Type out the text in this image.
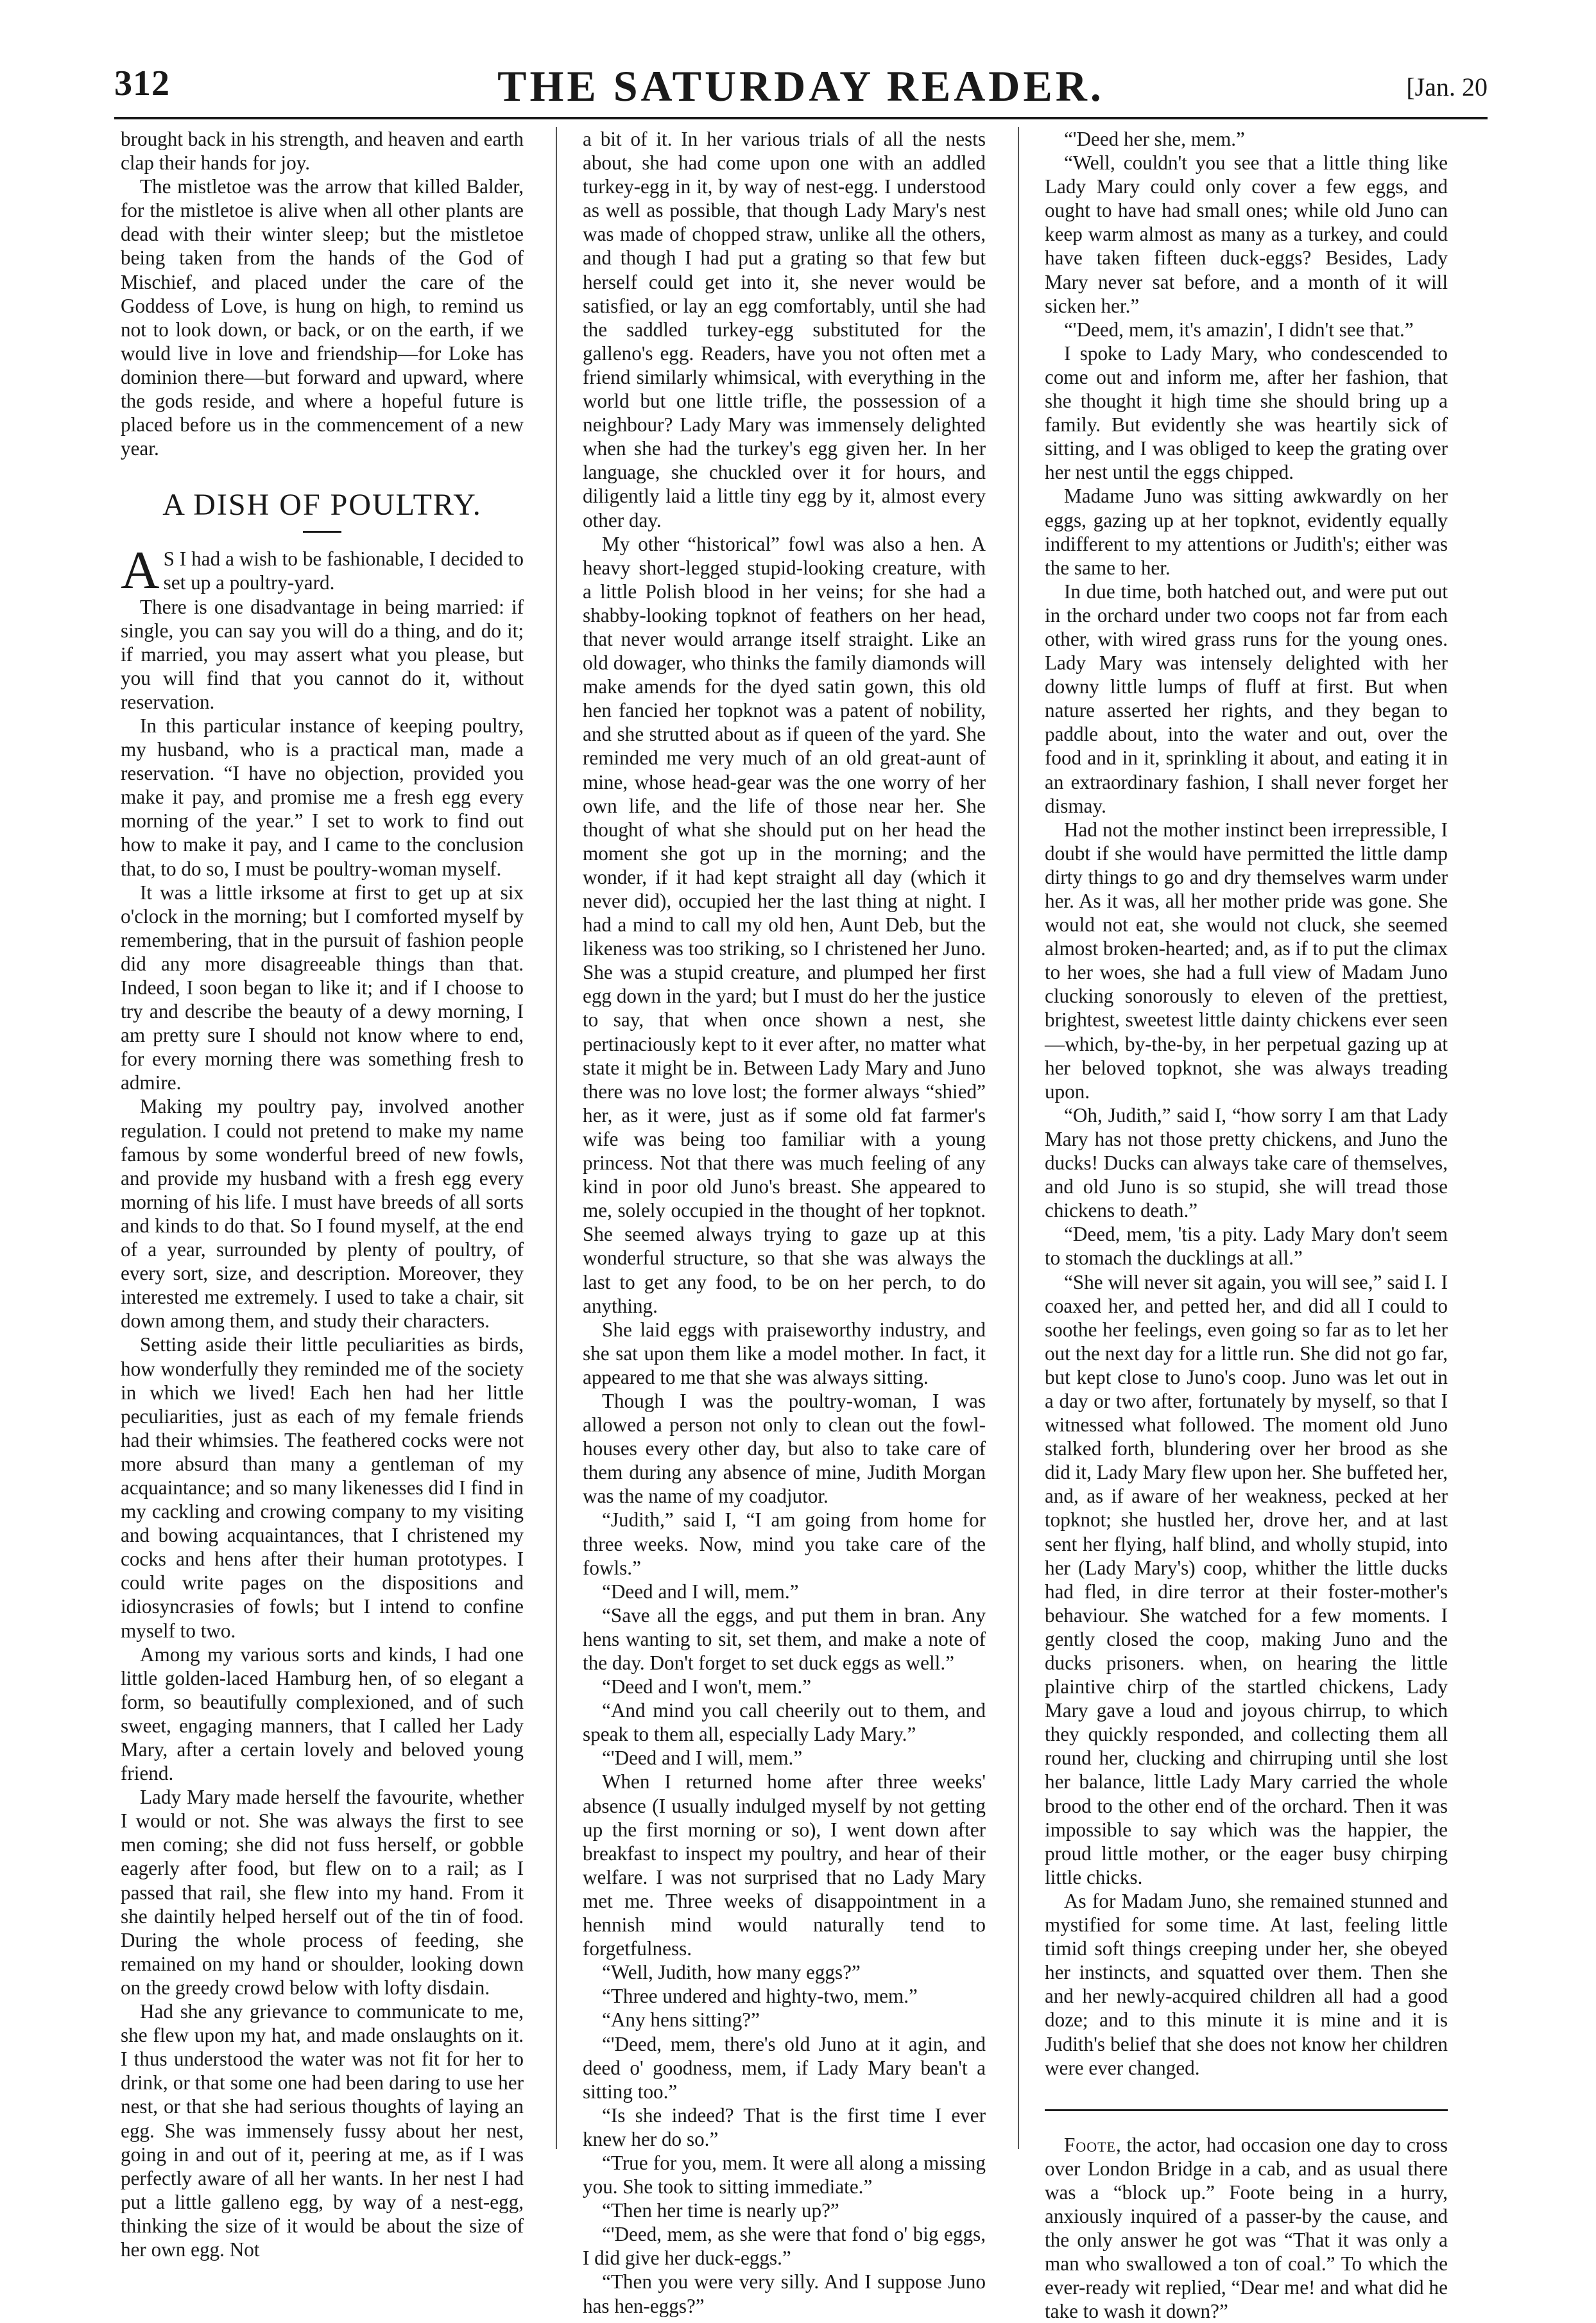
312	THE SATURDAY READER.	[Jan. 20

brought back in his strength, and heaven and earth clap their hands for joy.

The mistletoe was the arrow that killed Balder, for the mistletoe is alive when all other plants are dead with their winter sleep; but the mistletoe being taken from the hands of the God of Mischief, and placed under the care of the Goddess of Love, is hung on high, to remind us not to look down, or back, or on the earth, if we would live in love and friendship—for Loke has dominion there—but forward and upward, where the gods reside, and where a hopeful future is placed before us in the commencement of a new year.

A DISH OF POULTRY.

A S I had a wish to be fashionable, I decided to set up a poultry-yard.

There is one disadvantage in being married: if single, you can say you will do a thing, and do it; if married, you may assert what you please, but you will find that you cannot do it, without reservation.

In this particular instance of keeping poultry, my husband, who is a practical man, made a reservation. “I have no objection, provided you make it pay, and promise me a fresh egg every morning of the year.” I set to work to find out how to make it pay, and I came to the conclusion that, to do so, I must be poultry-woman myself.

It was a little irksome at first to get up at six o'clock in the morning; but I comforted myself by remembering, that in the pursuit of fashion people did any more disagreeable things than that. Indeed, I soon began to like it; and if I choose to try and describe the beauty of a dewy morning, I am pretty sure I should not know where to end, for every morning there was something fresh to admire.

Making my poultry pay, involved another regulation. I could not pretend to make my name famous by some wonderful breed of new fowls, and provide my husband with a fresh egg every morning of his life. I must have breeds of all sorts and kinds to do that. So I found myself, at the end of a year, surrounded by plenty of poultry, of every sort, size, and description. Moreover, they interested me extremely. I used to take a chair, sit down among them, and study their characters.

Setting aside their little peculiarities as birds, how wonderfully they reminded me of the society in which we lived! Each hen had her little peculiarities, just as each of my female friends had their whimsies. The feathered cocks were not more absurd than many a gentleman of my acquaintance; and so many likenesses did I find in my cackling and crowing company to my visiting and bowing acquaintances, that I christened my cocks and hens after their human prototypes. I could write pages on the dispositions and idiosyncrasies of fowls; but I intend to confine myself to two.

Among my various sorts and kinds, I had one little golden-laced Hamburg hen, of so elegant a form, so beautifully complexioned, and of such sweet, engaging manners, that I called her Lady Mary, after a certain lovely and beloved young friend.

Lady Mary made herself the favourite, whether I would or not. She was always the first to see men coming; she did not fuss herself, or gobble eagerly after food, but flew on to a rail; as I passed that rail, she flew into my hand. From it she daintily helped herself out of the tin of food. During the whole process of feeding, she remained on my hand or shoulder, looking down on the greedy crowd below with lofty disdain.

Had she any grievance to communicate to me, she flew upon my hat, and made onslaughts on it. I thus understood the water was not fit for her to drink, or that some one had been daring to use her nest, or that she had serious thoughts of laying an egg. She was immensely fussy about her nest, going in and out of it, peering at me, as if I was perfectly aware of all her wants. In her nest I had put a little galleno egg, by way of a nest-egg, thinking the size of it would be about the size of her own egg. Not

a bit of it. In her various trials of all the nests about, she had come upon one with an addled turkey-egg in it, by way of nest-egg. I understood as well as possible, that though Lady Mary's nest was made of chopped straw, unlike all the others, and though I had put a grating so that few but herself could get into it, she never would be satisfied, or lay an egg comfortably, until she had the saddled turkey-egg substituted for the galleno's egg. Readers, have you not often met a friend similarly whimsical, with everything in the world but one little trifle, the possession of a neighbour? Lady Mary was immensely delighted when she had the turkey's egg given her. In her language, she chuckled over it for hours, and diligently laid a little tiny egg by it, almost every other day.

My other “historical” fowl was also a hen. A heavy short-legged stupid-looking creature, with a little Polish blood in her veins; for she had a shabby-looking topknot of feathers on her head, that never would arrange itself straight. Like an old dowager, who thinks the family diamonds will make amends for the dyed satin gown, this old hen fancied her topknot was a patent of nobility, and she strutted about as if queen of the yard. She reminded me very much of an old great-aunt of mine, whose head-gear was the one worry of her own life, and the life of those near her. She thought of what she should put on her head the moment she got up in the morning; and the wonder, if it had kept straight all day (which it never did), occupied her the last thing at night. I had a mind to call my old hen, Aunt Deb, but the likeness was too striking, so I christened her Juno. She was a stupid creature, and plumped her first egg down in the yard; but I must do her the justice to say, that when once shown a nest, she pertinaciously kept to it ever after, no matter what state it might be in. Between Lady Mary and Juno there was no love lost; the former always “shied” her, as it were, just as if some old fat farmer's wife was being too familiar with a young princess. Not that there was much feeling of any kind in poor old Juno's breast. She appeared to me, solely occupied in the thought of her topknot. She seemed always trying to gaze up at this wonderful structure, so that she was always the last to get any food, to be on her perch, to do anything.

She laid eggs with praiseworthy industry, and she sat upon them like a model mother. In fact, it appeared to me that she was always sitting.

Though I was the poultry-woman, I was allowed a person not only to clean out the fowl-houses every other day, but also to take care of them during any absence of mine, Judith Morgan was the name of my coadjutor.

“Judith,” said I, “I am going from home for three weeks. Now, mind you take care of the fowls.”

“Deed and I will, mem.”

“Save all the eggs, and put them in bran. Any hens wanting to sit, set them, and make a note of the day. Don't forget to set duck eggs as well.”

“Deed and I won't, mem.”

“And mind you call cheerily out to them, and speak to them all, especially Lady Mary.”

“'Deed and I will, mem.”

When I returned home after three weeks' absence (I usually indulged myself by not getting up the first morning or so), I went down after breakfast to inspect my poultry, and hear of their welfare. I was not surprised that no Lady Mary met me. Three weeks of disappointment in a hennish mind would naturally tend to forgetfulness.

“Well, Judith, how many eggs?”

“Three undered and highty-two, mem.”

“Any hens sitting?”

“'Deed, mem, there's old Juno at it agin, and deed o' goodness, mem, if Lady Mary bean't a sitting too.”

“Is she indeed? That is the first time I ever knew her do so.”

“True for you, mem. It were all along a missing you. She took to sitting immediate.”

“Then her time is nearly up?”

“'Deed, mem, as she were that fond o' big eggs, I did give her duck-eggs.”

“Then you were very silly. And I suppose Juno has hen-eggs?”

“'Deed her she, mem.”

“Well, couldn't you see that a little thing like Lady Mary could only cover a few eggs, and ought to have had small ones; while old Juno can keep warm almost as many as a turkey, and could have taken fifteen duck-eggs? Besides, Lady Mary never sat before, and a month of it will sicken her.”

“'Deed, mem, it's amazin', I didn't see that.”

I spoke to Lady Mary, who condescended to come out and inform me, after her fashion, that she thought it high time she should bring up a family. But evidently she was heartily sick of sitting, and I was obliged to keep the grating over her nest until the eggs chipped.

Madame Juno was sitting awkwardly on her eggs, gazing up at her topknot, evidently equally indifferent to my attentions or Judith's; either was the same to her.

In due time, both hatched out, and were put out in the orchard under two coops not far from each other, with wired grass runs for the young ones. Lady Mary was intensely delighted with her downy little lumps of fluff at first. But when nature asserted her rights, and they began to paddle about, into the water and out, over the food and in it, sprinkling it about, and eating it in an extraordinary fashion, I shall never forget her dismay.

Had not the mother instinct been irrepressible, I doubt if she would have permitted the little damp dirty things to go and dry themselves warm under her. As it was, all her mother pride was gone. She would not eat, she would not cluck, she seemed almost broken-hearted; and, as if to put the climax to her woes, she had a full view of Madam Juno clucking sonorously to eleven of the prettiest, brightest, sweetest little dainty chickens ever seen—which, by-the-by, in her perpetual gazing up at her beloved topknot, she was always treading upon.

“Oh, Judith,” said I, “how sorry I am that Lady Mary has not those pretty chickens, and Juno the ducks! Ducks can always take care of themselves, and old Juno is so stupid, she will tread those chickens to death.”

“Deed, mem, 'tis a pity. Lady Mary don't seem to stomach the ducklings at all.”

“She will never sit again, you will see,” said I. I coaxed her, and petted her, and did all I could to soothe her feelings, even going so far as to let her out the next day for a little run. She did not go far, but kept close to Juno's coop. Juno was let out in a day or two after, fortunately by myself, so that I witnessed what followed. The moment old Juno stalked forth, blundering over her brood as she did it, Lady Mary flew upon her. She buffeted her, and, as if aware of her weakness, pecked at her topknot; she hustled her, drove her, and at last sent her flying, half blind, and wholly stupid, into her (Lady Mary's) coop, whither the little ducks had fled, in dire terror at their foster-mother's behaviour. She watched for a few moments. I gently closed the coop, making Juno and the ducks prisoners. when, on hearing the little plaintive chirp of the startled chickens, Lady Mary gave a loud and joyous chirrup, to which they quickly responded, and collecting them all round her, clucking and chirruping until she lost her balance, little Lady Mary carried the whole brood to the other end of the orchard. Then it was impossible to say which was the happier, the proud little mother, or the eager busy chirping little chicks.

As for Madam Juno, she remained stunned and mystified for some time. At last, feeling little timid soft things creeping under her, she obeyed her instincts, and squatted over them. Then she and her newly-acquired children all had a good doze; and to this minute it is mine and it is Judith's belief that she does not know her children were ever changed.

Foote, the actor, had occasion one day to cross over London Bridge in a cab, and as usual there was a “block up.” Foote being in a hurry, anxiously inquired of a passer-by the cause, and the only answer he got was “That it was only a man who swallowed a ton of coal.” To which the ever-ready wit replied, “Dear me! and what did he take to wash it down?”
